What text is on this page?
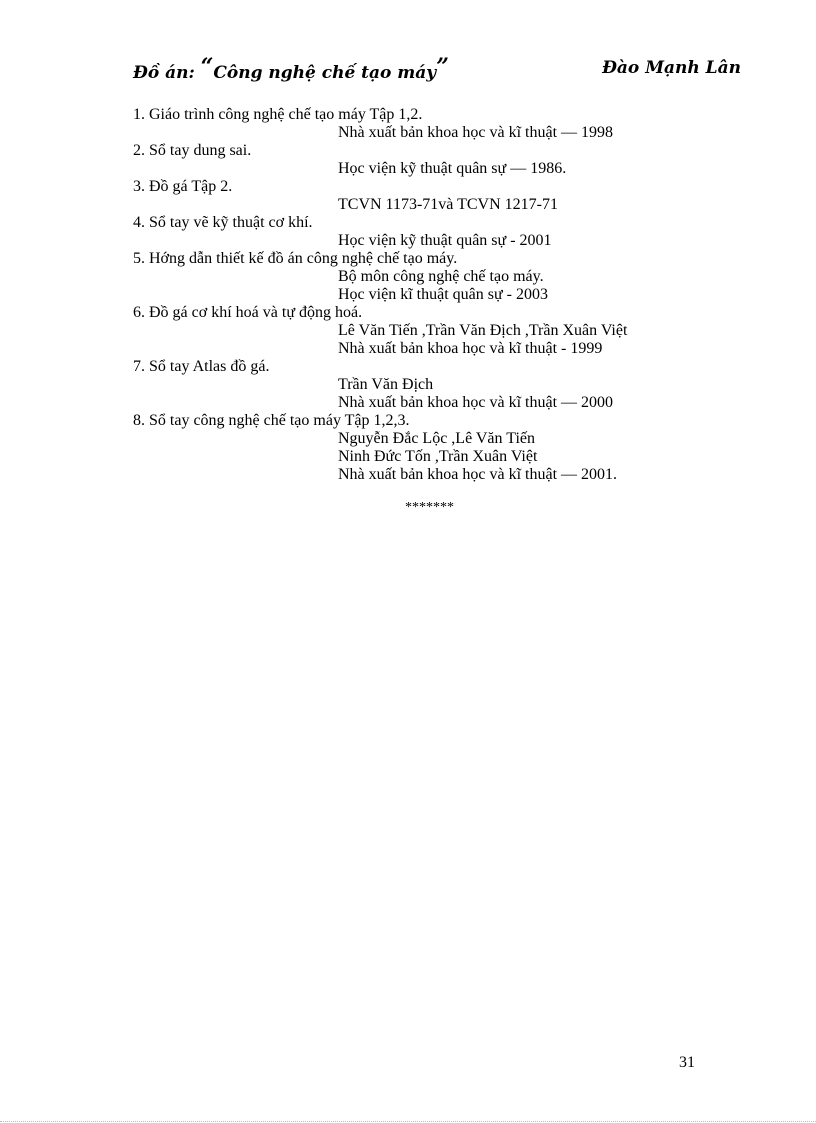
Đồ án: “Công nghệ chế tạo máy”	Đào Mạnh Lân
1. Giáo trình công nghệ chế tạo máy Tập 1,2.
Nhà xuất bản khoa học và kĩ thuật — 1998
2. Sổ tay dung sai.
Học viện kỹ thuật quân sự — 1986.
3. Đồ gá Tập 2.
TCVN 1173-71và TCVN 1217-71
4. Sổ tay vẽ kỹ thuật cơ khí.
Học viện kỹ thuật quân sự - 2001
5. Hớng dẫn thiết kế đồ án công nghệ chế tạo máy.
Bộ môn công nghệ chế tạo máy.
Học viện kĩ thuật quân sự - 2003
6. Đồ gá cơ khí hoá và tự động hoá.
Lê Văn Tiến ,Trần Văn Địch ,Trần Xuân Việt
Nhà xuất bản khoa học và kĩ thuật - 1999
7. Sổ tay Atlas đồ gá.
Trần Văn Địch
Nhà xuất bản khoa học và kĩ thuật — 2000
8. Sổ tay công nghệ chế tạo máy Tập 1,2,3.
Nguyễn Đắc Lộc ,Lê Văn Tiến
Ninh Đức Tốn ,Trần Xuân Việt
Nhà xuất bản khoa học và kĩ thuật — 2001.
*******
31
